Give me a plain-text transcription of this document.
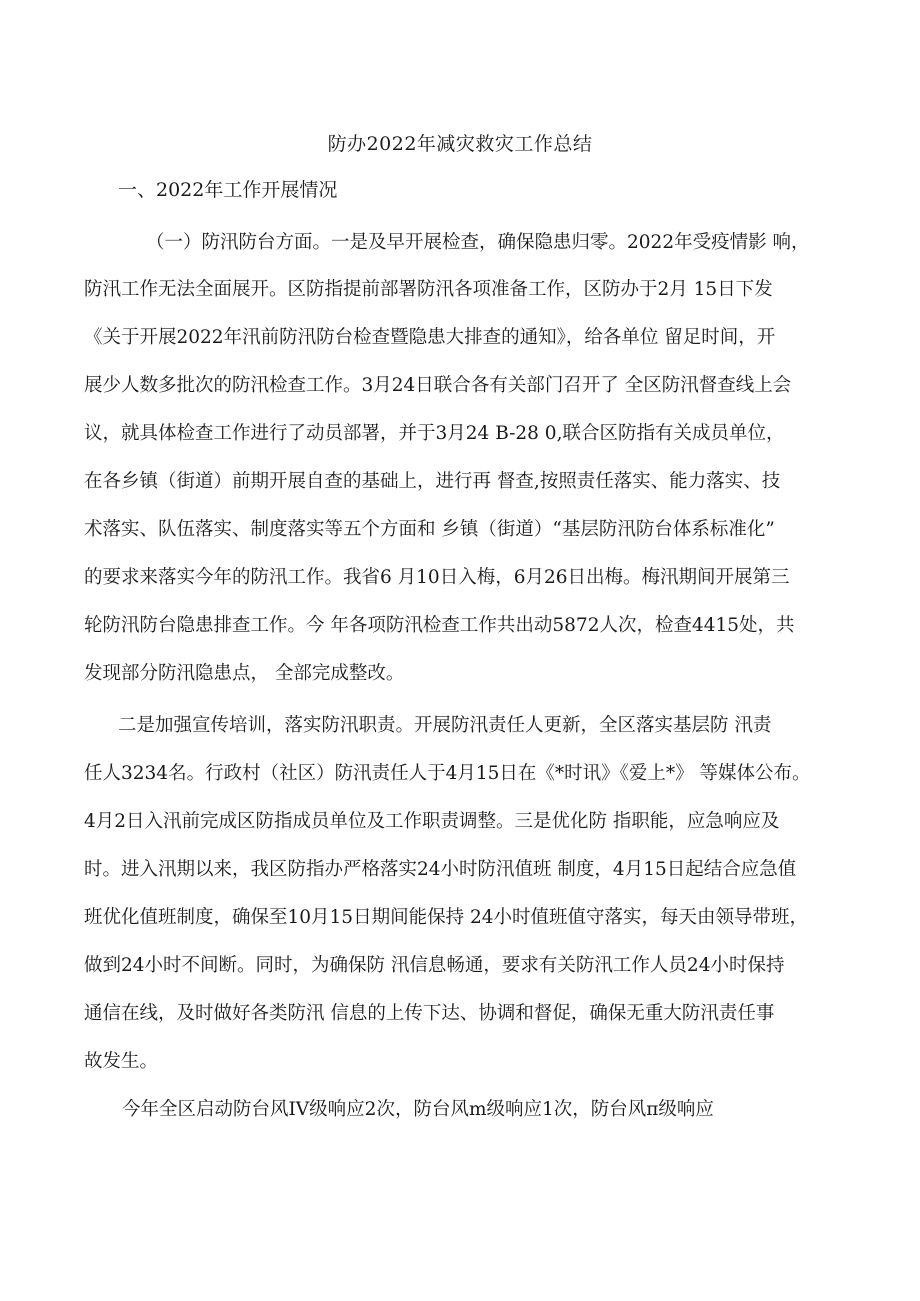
防办2022年减灾救灾工作总结
一、2022年工作开展情况
（一）防汛防台方面。一是及早开展检查，确保隐患归零。2022年受疫情影 响，
防汛工作无法全面展开。区防指提前部署防汛各项准备工作，区防办于2月 15日下发
《关于开展2022年汛前防汛防台检查暨隐患大排查的通知》，给各单位 留足时间，开
展少人数多批次的防汛检查工作。3月24日联合各有关部门召开了 全区防汛督查线上会
议，就具体检查工作进行了动员部署，并于3月24 B-28 0,联合区防指有关成员单位，
在各乡镇（街道）前期开展自查的基础上，进行再 督查,按照责任落实、能力落实、技
术落实、队伍落实、制度落实等五个方面和 乡镇（街道）“基层防汛防台体系标准化”
的要求来落实今年的防汛工作。我省6 月10日入梅，6月26日出梅。梅汛期间开展第三
轮防汛防台隐患排查工作。今 年各项防汛检查工作共出动5872人次，检查4415处，共
发现部分防汛隐患点， 全部完成整改。
二是加强宣传培训，落实防汛职责。开展防汛责任人更新，全区落实基层防 汛责
任人3234名。行政村（社区）防汛责任人于4月15日在《*时讯》《爱上*》 等媒体公布。
4月2日入汛前完成区防指成员单位及工作职责调整。三是优化防 指职能，应急响应及
时。进入汛期以来，我区防指办严格落实24小时防汛值班 制度，4月15日起结合应急值
班优化值班制度，确保至10月15日期间能保持 24小时值班值守落实，每天由领导带班，
做到24小时不间断。同时，为确保防 汛信息畅通，要求有关防汛工作人员24小时保持
通信在线，及时做好各类防汛 信息的上传下达、协调和督促，确保无重大防汛责任事
故发生。
今年全区启动防台风IV级响应2次，防台风m级响应1次，防台风π级响应
